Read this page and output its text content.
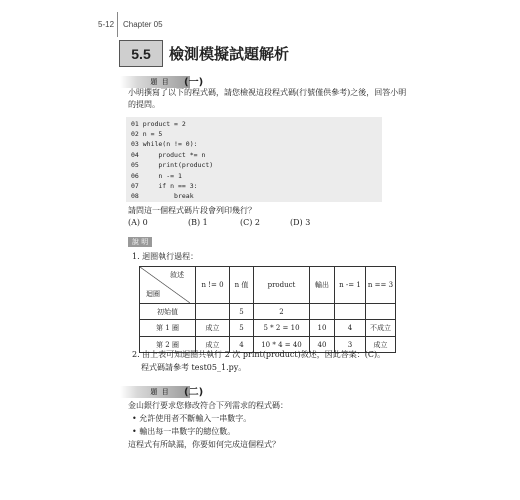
5-12 Chapter 05
5.5	檢測模擬試題解析
題 目	(一)
小明撰寫了以下的程式碼，請您檢視這段程式碼(行號僅供參考)之後，回答小明
的提問。
01 product = 2
02 n = 5
03 while(n != 0):
04     product *= n
05     print(product)
06     n -= 1
07     if n == 3:
08         break
請問這一個程式碼片段會列印幾行？
(A) 0	(B) 1	(C) 2	(D) 3
說 明
1. 迴圈執行過程：
敘述
迴圈	n != 0	n 值	product	輸出	n -= 1	n == 3
初始值		5	2			
第 1 圈	成立	5	5 * 2 = 10	10	4	不成立
第 2 圈	成立	4	10 * 4 = 40	40	3	成立
2. 由上表可知迴圈共執行 2 次 print(product)敘述，因此答案：(C)。
程式碼請參考 test05_1.py。
題 目	(二)
金山銀行要求您修改符合下列需求的程式碼：
• 允許使用者不斷輸入一串數字。
• 輸出每一串數字的總位數。
這程式有所缺漏，你要如何完成這個程式？
